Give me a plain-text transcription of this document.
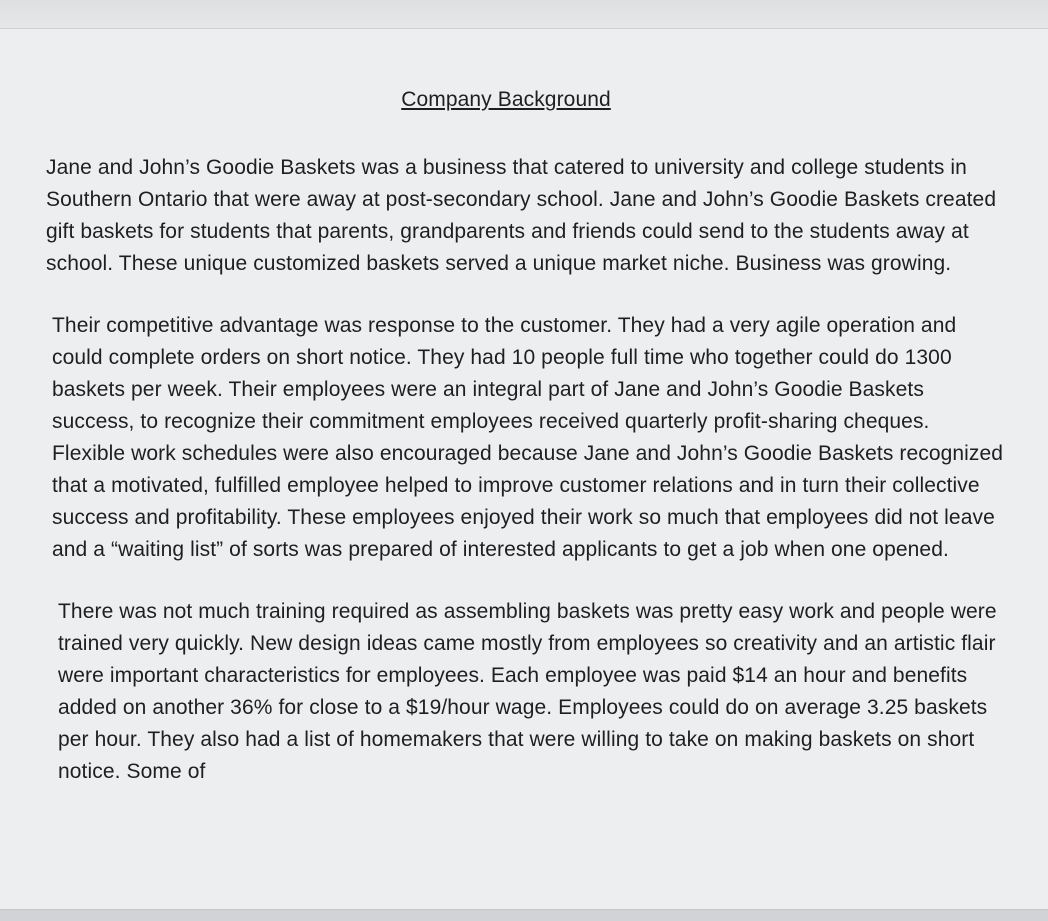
Company Background

Jane and John’s Goodie Baskets was a business that catered to university and college students in Southern Ontario that were away at post-secondary school. Jane and John’s Goodie Baskets created gift baskets for students that parents, grandparents and friends could send to the students away at school. These unique customized baskets served a unique market niche. Business was growing.

Their competitive advantage was response to the customer. They had a very agile operation and could complete orders on short notice. They had 10 people full time who together could do 1300 baskets per week. Their employees were an integral part of Jane and John’s Goodie Baskets success, to recognize their commitment employees received quarterly profit-sharing cheques. Flexible work schedules were also encouraged because Jane and John’s Goodie Baskets recognized that a motivated, fulfilled employee helped to improve customer relations and in turn their collective success and profitability. These employees enjoyed their work so much that employees did not leave and a “waiting list” of sorts was prepared of interested applicants to get a job when one opened.

There was not much training required as assembling baskets was pretty easy work and people were trained very quickly. New design ideas came mostly from employees so creativity and an artistic flair were important characteristics for employees. Each employee was paid $14 an hour and benefits added on another 36% for close to a $19/hour wage. Employees could do on average 3.25 baskets per hour. They also had a list of homemakers that were willing to take on making baskets on short notice. Some of
